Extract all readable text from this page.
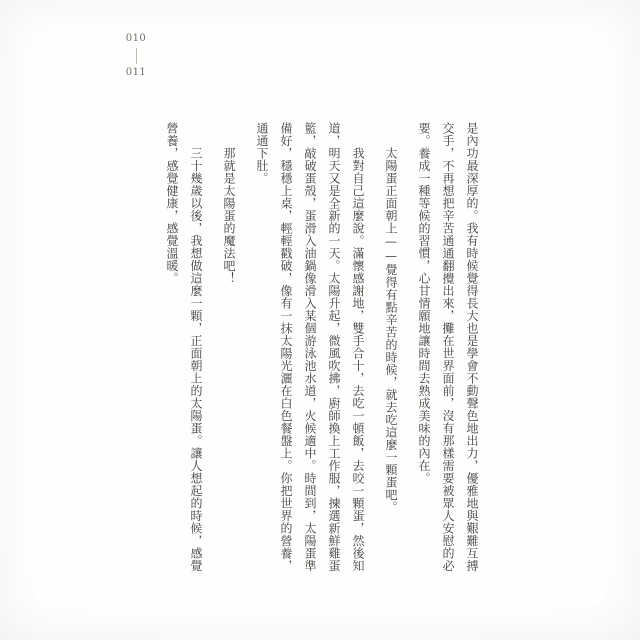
010
011

是內功最深厚的。我有時候覺得長大也是學會不動聲色地出力，優雅地與艱難互搏交手，不再想把辛苦通通翻攪出來，攤在世界面前，沒有那樣需要被眾人安慰的必要。養成一種等候的習慣，心甘情願地讓時間去熟成美味的內在。

太陽蛋正面朝上——覺得有點辛苦的時候，就去吃這麼一顆蛋吧。

我對自己這麼說。滿懷感謝地，雙手合十，去吃一頓飯，去咬一顆蛋，然後知道，明天又是全新的一天。太陽升起，微風吹拂，廚師換上工作服，揀選新鮮雞蛋籃，敲破蛋殼，蛋滑入油鍋像滑入某個游泳池水道，火候適中。時間到，太陽蛋準備好，穩穩上桌，輕輕戳破，像有一抹太陽光灑在白色餐盤上。你把世界的營養，通通下肚。

那就是太陽蛋的魔法吧！

三十幾歲以後，我想做這麼一顆，正面朝上的太陽蛋。讓人想起的時候，感覺營養，感覺健康，感覺溫暖。
